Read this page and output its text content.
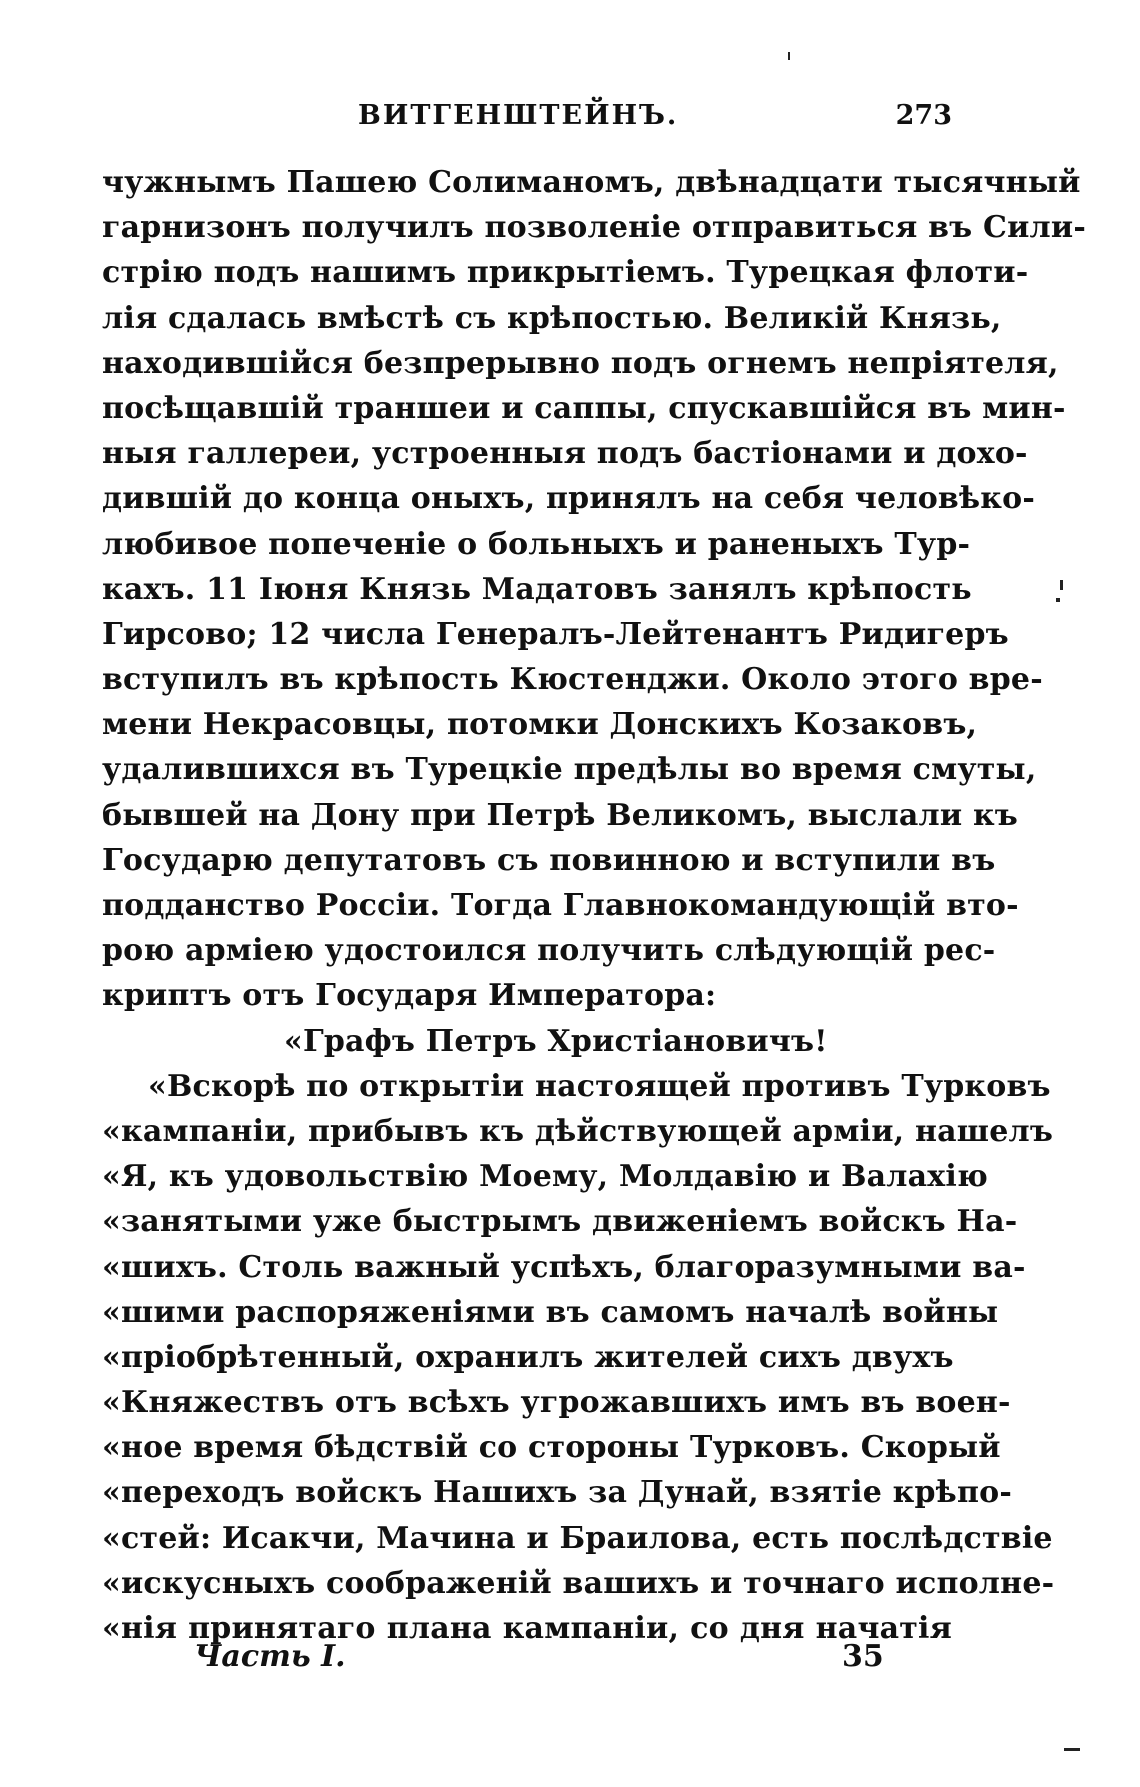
ВИТГЕНШТЕЙНЪ.	273
чужнымъ Пашею Солиманомъ, двѣнадцати тысячный
гарнизонъ получилъ позволенie отправиться въ Сили-
стрiю подъ нашимъ прикрытiемъ. Турецкая флоти-
лiя сдалась вмѣстѣ съ крѣпостью. Великiй Князь,
находившiйся безпрерывно подъ огнемъ непрiятеля,
посѣщавшiй траншеи и саппы, спускавшiйся въ мин-
ныя галлереи, устроенныя подъ бастiонами и дохо-
дившiй до конца оныхъ, принялъ на себя человѣко-
любивое попеченiе о больныхъ и раненыхъ Тур-
кахъ. 11 Iюня Князь Мадатовъ занялъ крѣпость
Гирсово; 12 числа Генералъ-Лейтенантъ Ридигеръ
вступилъ въ крѣпость Кюстенджи. Около этого вре-
мени Некрасовцы, потомки Донскихъ Козаковъ,
удалившихся въ Турецкiе предѣлы во время смуты,
бывшей на Дону при Петрѣ Великомъ, выслали къ
Государю депутатовъ съ повинною и вступили въ
подданство Россiи. Тогда Главнокомандующiй вто-
рою армiею удостоился получить слѣдующiй рес-
криптъ отъ Государя Императора:
«Графъ Петръ Христiановичъ!
«Вскорѣ по открытiи настоящей противъ Турковъ
«кампанiи, прибывъ къ дѣйствующей армiи, нашелъ
«Я, къ удовольствiю Моему, Молдавiю и Валахiю
«занятыми уже быстрымъ движенiемъ войскъ На-
«шихъ. Столь важный успѣхъ, благоразумными ва-
«шими распоряженiями въ самомъ началѣ войны
«прiобрѣтенный, охранилъ жителей сихъ двухъ
«Княжествъ отъ всѣхъ угрожавшихъ имъ въ воен-
«ное время бѣдствiй со стороны Турковъ. Скорый
«переходъ войскъ Нашихъ за Дунай, взятie крѣпо-
«стей: Исакчи, Мачина и Браилова, есть послѣдствiе
«искусныхъ соображенiй вашихъ и точнаго исполне-
«нiя принятаго плана кампанiи, со дня начатiя
Часть I.	35
